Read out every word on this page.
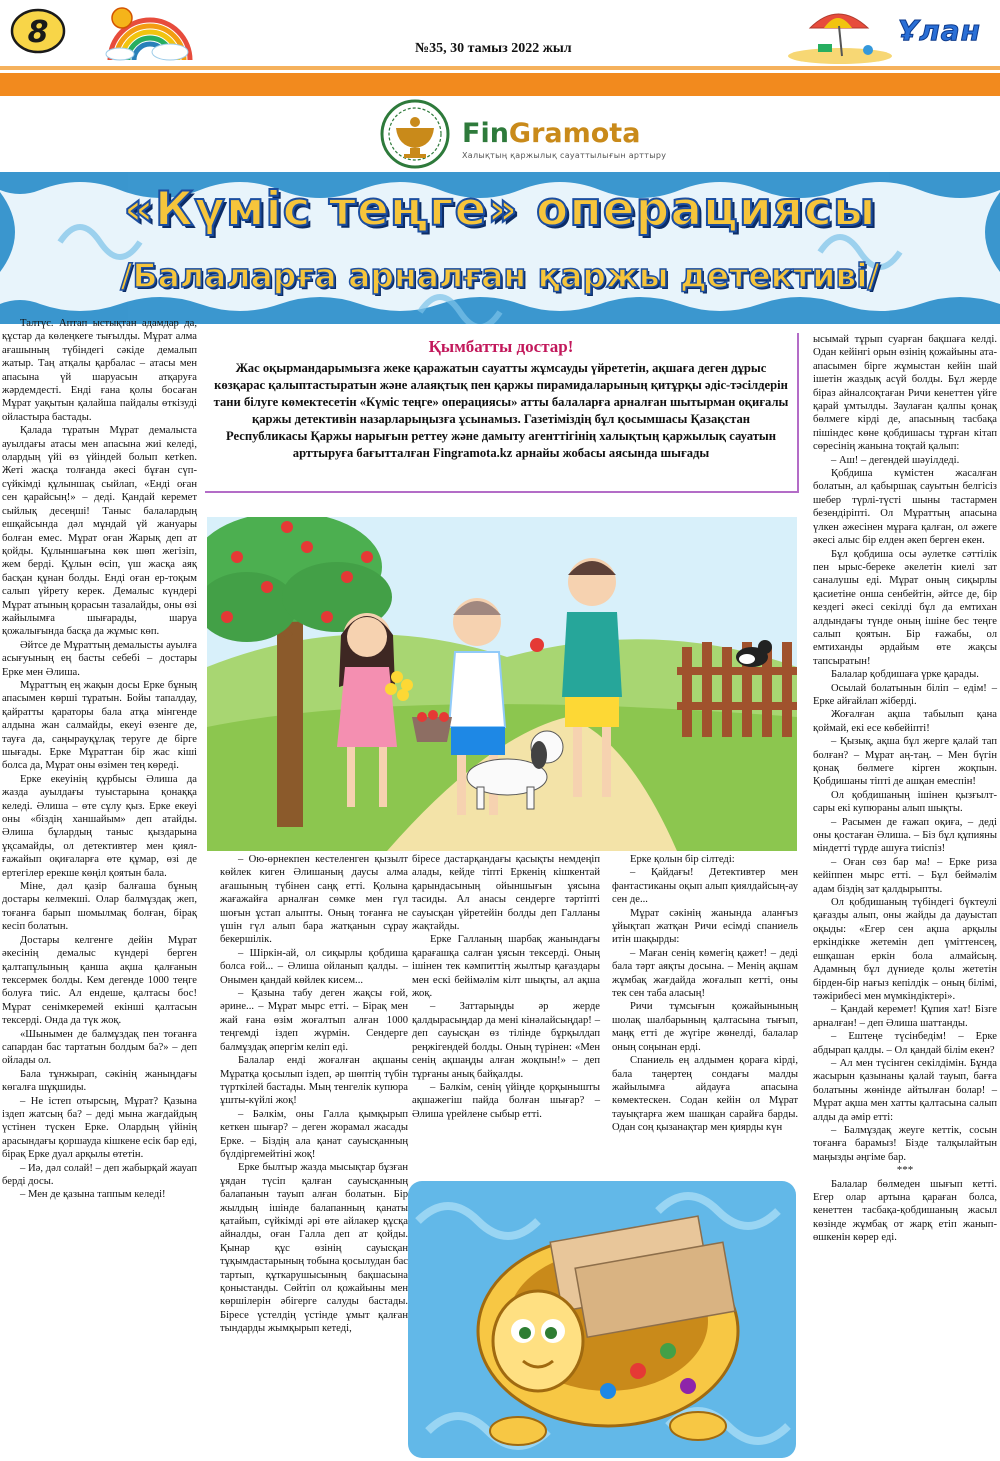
8	№35, 30 тамыз 2022 жыл
Ұлан
FinGramota
Халықтың қаржылық сауаттылығын арттыру
«Күміс теңге» операциясы
/Балаларға арналған қаржы детективі/
Қымбатты достар!
Жас оқырмандарымызға жеке қаражатын сауатты жұмсауды үйрететін, ақшаға деген дұрыс көзқарас қалыптастыратын және алаяқтық пен қаржы пирамидаларының қитұрқы әдіс-тәсілдерін тани білуге көмектесетін «Күміс теңге» операциясы» атты балаларға арналған шытырман оқиғалы қаржы детективін назарларыңызға ұсынамыз. Газетіміздің бұл қосымшасы Қазақстан Республикасы Қаржы нарығын реттеу және дамыту агенттігінің халықтың қаржылық сауатын арттыруға бағытталған Fingramota.kz арнайы жобасы аясында шығады

Талтүс. Аптап ыстықтан адамдар да, құстар да көлеңкеге тығылды. Мұрат алма ағашының түбіндегі сәкіде демалып жатыр. Таң атқалы қарбалас – атасы мен апасына үй шаруасын атқаруға жәрдемдесті. Енді ғана қолы босаған Мұрат уақытын қалайша пайдалы өткізуді ойластыра бастады.

Қалада тұратын Мұрат демалыста ауылдағы атасы мен апасына жиі келеді, олардың үйі өз үйіндей болып кетken. Жеті жасқа толғанда әкесі бұған сүп-сүйкімді құлыншақ сыйлап, «Енді оған сен қарайсың!» – деді. Қандай керемет сыйлық десеңші! Таныс балалардың ешқайсында дәл мұндай үй жануары болған емес. Мұрат оған Жарық деп ат қойды. Құлыншағына көк шөп жегізіп, жем берді. Құлын өсіп, үш жасқа аяқ басқан құнан болды. Енді оған ер-тоқым салып үйрету керек. Демалыс күндері Мұрат атының қорасын тазалайды, оны өзі жайылымға шығарады, шаруа қожалығында басқа да жұмыс көп.

Әйтсе де Мұраттың демалысты ауылға асығуының ең басты себебі – достары Ерке мен Әлиша.

Мұраттың ең жақын досы Ерке бұның апасымен көрші тұратын. Бойы тапалдау, қайратты қараторы бала атқа мінгенде алдына жан салмайды, екеуі өзенге де, тауға да, саңырауқұлақ теруге де бірге шығады. Ерке Мұраттан бір жас кіші болса да, Мұрат оны өзімен тең көреді.

Ерке екеуінің құрбысы Әлиша да жазда ауылдағы туыстарына қонаққа келеді. Әлиша – өте сұлу қыз. Ерке екеуі оны «біздің ханшайым» деп атайды. Әлиша бұлардың таныс қыздарына ұқсамайды, ол детективтер мен қиял-ғажайып оқиғаларға өте құмар, өзі де ертегілер ерекше көңіл қоятын бала.

Міне, дәл қазір балғаша бұның достары келмекші. Олар балмұздақ жеп, тоғанға барып шомылмақ болған, бірақ кесіп болатын.

Достары келгенге дейін Мұрат әкесінің демалыс күндері берген қалтапұлының қанша ақша қалғанын тексермек болды. Кем дегенде 1000 теңге болуға тиіс. Ал ендеше, қалтасы бос! Мұрат сенімкеремей екінші қалтасын тексерді. Онда да түк жоқ.

«Шынымен де балмұздақ пен тоғанға сапардан бас тартатын болдым ба?» – деп ойлады ол.

Бала тұнжырап, сәкінің жаныңдағы көгалға шұқшиды.

– Не істеп отырсың, Мұрат? Қазына іздеп жатсың ба? – деді мына жағдайдың үстінен түскен Ерке. Олардың үйінің арасындағы қоршауда кішкене есік бар еді, бірақ Ерке дуал арқылы өтетін.

– Иә, дәл солай! – деп жабырқай жауап берді досы.

– Мен де қазына таппым келеді!

– Ою-өрнекпен кестеленген қызылт көйлек киген Әлишаның даусы алма ағашының түбінен саңқ етті. Қолына жағажайға арналған сөмке мен гүл шоғын ұстап алыпты. Оның тоғанға не үшін гүл алып бара жатқанын сұрау бекершілік.

– Шіркін-ай, ол сиқырлы қобдиша болса ғой... – Әлиша ойланып қалды. – Онымен қандай көйлек кисем...

– Қазына табу деген жақсы ғой, әрине... – Мұрат мырс етті. – Бірақ мен жай ғана өзім жоғалтып алған 1000 теңгемді іздеп жүрмін. Сендерге балмұздақ әпергім келіп еді.

Балалар енді жоғалған ақшаны Мұратқа қосылып іздеп, әр шөптің түбін түрткілей бастады. Мың тенгелік купюра ұшты-күйлі жоқ!

– Бәлкім, оны Галла қымқырып кеткен шығар? – деген жорамал жасады Ерке. – Біздің ала қанат сауысқанның бүлдіргемейтіні жоқ!

Ерке былтыр жазда мысықтар бұзған ұядан түсіп қалған сауысқанның балапанын тауып алған болатын. Бір жылдың ішінде балапанның қанаты қатайып, сүйкімді әрі өте айлакер құсқа айналды, оған Галла деп ат қойды. Қынар құс өзінің сауысқан тұқымдастарының тобына қосылудан бас тартып, құткарушысының бақшасына қоныстанды. Сөйтіп ол қожайыны мен көршілерін әбігерге салуды бастады. Біресе үстелдің үстінде ұмыт қалған тындарды жымқырып кетеді,

біресе дастарқандағы қасықты немдеңіп алады, кейде тіпті Еркенің кішкентай қарындасының ойыншығын ұясына тасиды. Ал анасы сендерге тәртіпті сауысқан үйретейін болды деп Галланы жақтайды.

Ерке Галланың шарбақ жанындағы қарағашқа салған ұясын тексерді. Оның ішінен тек кәмпиттің жылтыр қағаздары мен ескі бейімәлім кілт шықты, ал ақша жоқ.

– Заттарыңды әр жерде қалдырасыңдар да мені кінәлайсыңдар! – деп сауысқан өз тілінде бұрқылдап реңжігендей болды. Оның түрінен: «Мен сенің ақшаңды алған жоқпын!» – деп тұрғаны анық байқалды.

– Бәлкім, сенің үйіңде қорқынышты ақшажегіш пайда болған шығар? – Әлиша үрейлене сыбыр етті.

Ерке қолын бір сілтеді:

– Қайдағы! Детективтер мен фантастиканы оқып алып қиялдайсың-ау сен де...

Мұрат сәкінің жанында аланғыз ұйықтап жатқан Ричи есімді спаниель итін шақырды:

– Маған сенің көмегің қажет! – деді бала тәрт аяқты досына. – Менің ақшам жұмбақ жағдайда жоғалып кетті, оны тек сен таба аласың!

Ричи тұмсығын қожайынының шолақ шалбарының қалтасына тығып, маңқ етті де жүгіре жөнелді, балалар оның соңынан ерді.

Спаниель ең алдымен қораға кірді, бала таңертең сондағы малды жайылымға айдауға апасына көмектескен. Содан кейін ол Мұрат тауықтарға жем шашқан сарайға барды. Одан соң қызанақтар мен қиярды күн

ысымай тұрып суарған бақшаға келді. Одан кейінгі орын өзінің қожайыны ата-апасымен бірге жұмыстан кейін шай ішетін жаздық асүй болды. Бұл жерде біраз айналсоқтаған Ричи кенеттен үйге қарай ұмтылды. Заулаған қалпы қонақ бөлмеге кірді де, апасының тасбақа пішіндес көне қобдишасы тұрған кітап сөресінің жанына тоқтай қалып:

– Аш! – дегендей шәуілдеді.

Қобдиша күмістен жасалған болатын, ал қабыршақ сауытын белгісіз шебер түрлі-түсті шыны тастармен безендіріпті. Ол Мұраттың апасына үлкен әжесінен мұраға қалған, ол әжеге әкесі алыс бір елден әкеп берген екен.

Бұл қобдиша осы әулетке сәттілік пен ырыс-береке әкелетін киелі зат саналушы еді. Мұрат оның сиқырлы қасиетіне онша сенбейтін, әйтсе де, бір кездегі әкесі секілді бұл да емтихан алдындағы түнде оның ішіне бес теңге салып қоятын. Бір ғажабы, ол емтиханды әрдайым өте жақсы тапсыратын!

Балалар қобдишаға үрке қарады.

Осылай болатынын біліп – едім! – Ерке айғайлап жіберді.

Жоғалған ақша табылып қана қоймай, екі есе көбейіпті!

– Қызық, ақша бұл жерге қалай тап болған? – Мұрат аң-таң. – Мен бүгін қонақ бөлмеге кірген жоқпын. Қобдишаны тіпті де ашқан емеспін!

Ол қобдишаның ішінен қызғылт-сары екі купюраны алып шықты.

– Расымен де ғажап оқиға, – деді оны қостаған Әлиша. – Біз бұл құпияны міндетті түрде ашуға тиіспіз!

– Оған сөз бар ма! – Ерке риза кейіппен мырс етті. – Бұл беймәлім адам біздің зат қалдырыпты.

Ол қобдишаның түбіндегі бүктеулі қағазды алып, оны жайды да дауыстап оқыды: «Егер сен ақша арқылы еркіндікке жетемін деп үміттенсең, ешқашан еркін бола алмайсың. Адамның бұл дүниеде қолы жететін бірден-бір нағыз кепілдік – оның білімі, тәжірибесі мен мүмкіндіктері».

– Қандай керемет! Құпия хат! Бізге арналған! – деп Әлиша шаттанды.

– Ештеңе түсінбедім! – Ерке абдырап қалды. – Ол қандай білім екен?

– Ал мен түсінген секілдімін. Бұнда жасырын қазынаны қалай тауып, бағға болатыны жөнінде айтылған болар! – Мұрат ақша мен хатты қалтасына салып алды да әмір етті:

– Балмұздақ жеуге кеттік, сосын тоғанға барамыз! Бізде талқылайтын маңызды әңгіме бар.

***

Балалар бөлмеден шығып кетті. Егер олар артына қараған болса, кенеттен тасбақа-қобдишаның жасыл көзінде жұмбақ от жарқ етіп жанып-өшкенін көрер еді.
